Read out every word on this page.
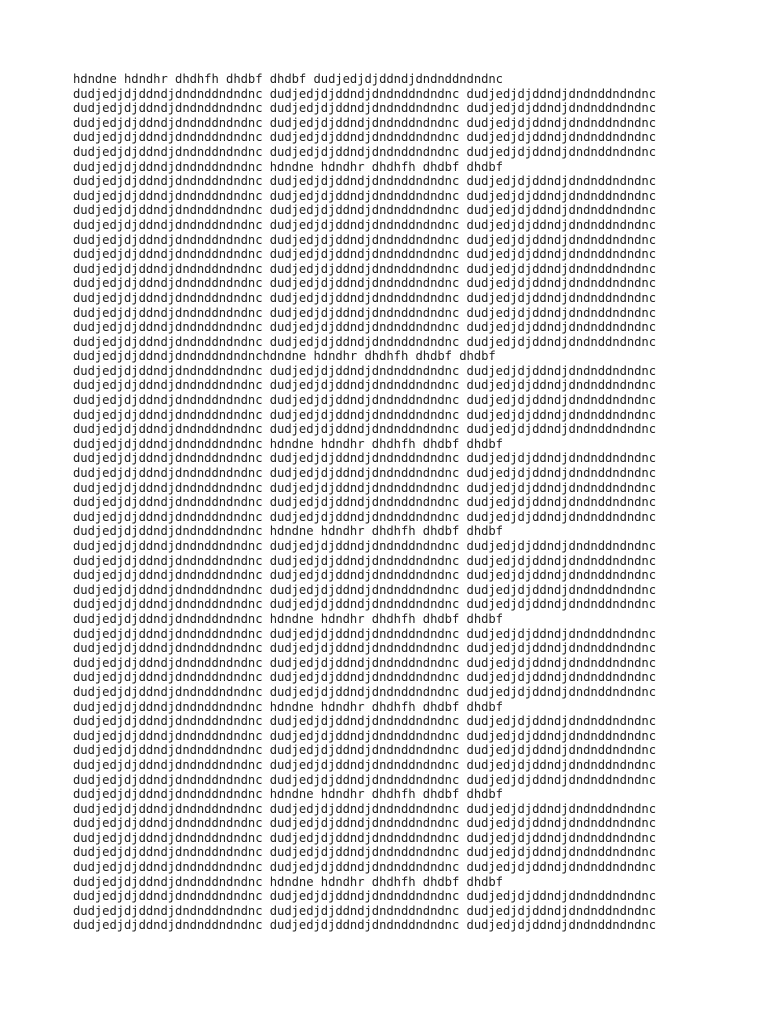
hdndne hdndhr dhdhfh dhdbf dhdbf dudjedjdjddndjdndnddndndnc
dudjedjdjddndjdndnddndndnc dudjedjdjddndjdndnddndndnc dudjedjdjddndjdndnddndndnc
dudjedjdjddndjdndnddndndnc dudjedjdjddndjdndnddndndnc dudjedjdjddndjdndnddndndnc
dudjedjdjddndjdndnddndndnc dudjedjdjddndjdndnddndndnc dudjedjdjddndjdndnddndndnc
dudjedjdjddndjdndnddndndnc dudjedjdjddndjdndnddndndnc dudjedjdjddndjdndnddndndnc
dudjedjdjddndjdndnddndndnc dudjedjdjddndjdndnddndndnc dudjedjdjddndjdndnddndndnc
dudjedjdjddndjdndnddndndnc hdndne hdndhr dhdhfh dhdbf dhdbf
dudjedjdjddndjdndnddndndnc dudjedjdjddndjdndnddndndnc dudjedjdjddndjdndnddndndnc
dudjedjdjddndjdndnddndndnc dudjedjdjddndjdndnddndndnc dudjedjdjddndjdndnddndndnc
dudjedjdjddndjdndnddndndnc dudjedjdjddndjdndnddndndnc dudjedjdjddndjdndnddndndnc
dudjedjdjddndjdndnddndndnc dudjedjdjddndjdndnddndndnc dudjedjdjddndjdndnddndndnc
dudjedjdjddndjdndnddndndnc dudjedjdjddndjdndnddndndnc dudjedjdjddndjdndnddndndnc
dudjedjdjddndjdndnddndndnc dudjedjdjddndjdndnddndndnc dudjedjdjddndjdndnddndndnc
dudjedjdjddndjdndnddndndnc dudjedjdjddndjdndnddndndnc dudjedjdjddndjdndnddndndnc
dudjedjdjddndjdndnddndndnc dudjedjdjddndjdndnddndndnc dudjedjdjddndjdndnddndndnc
dudjedjdjddndjdndnddndndnc dudjedjdjddndjdndnddndndnc dudjedjdjddndjdndnddndndnc
dudjedjdjddndjdndnddndndnc dudjedjdjddndjdndnddndndnc dudjedjdjddndjdndnddndndnc
dudjedjdjddndjdndnddndndnc dudjedjdjddndjdndnddndndnc dudjedjdjddndjdndnddndndnc
dudjedjdjddndjdndnddndndnc dudjedjdjddndjdndnddndndnc dudjedjdjddndjdndnddndndnc
dudjedjdjddndjdndnddndndnchdndne hdndhr dhdhfh dhdbf dhdbf
dudjedjdjddndjdndnddndndnc dudjedjdjddndjdndnddndndnc dudjedjdjddndjdndnddndndnc
dudjedjdjddndjdndnddndndnc dudjedjdjddndjdndnddndndnc dudjedjdjddndjdndnddndndnc
dudjedjdjddndjdndnddndndnc dudjedjdjddndjdndnddndndnc dudjedjdjddndjdndnddndndnc
dudjedjdjddndjdndnddndndnc dudjedjdjddndjdndnddndndnc dudjedjdjddndjdndnddndndnc
dudjedjdjddndjdndnddndndnc dudjedjdjddndjdndnddndndnc dudjedjdjddndjdndnddndndnc
dudjedjdjddndjdndnddndndnc hdndne hdndhr dhdhfh dhdbf dhdbf
dudjedjdjddndjdndnddndndnc dudjedjdjddndjdndnddndndnc dudjedjdjddndjdndnddndndnc
dudjedjdjddndjdndnddndndnc dudjedjdjddndjdndnddndndnc dudjedjdjddndjdndnddndndnc
dudjedjdjddndjdndnddndndnc dudjedjdjddndjdndnddndndnc dudjedjdjddndjdndnddndndnc
dudjedjdjddndjdndnddndndnc dudjedjdjddndjdndnddndndnc dudjedjdjddndjdndnddndndnc
dudjedjdjddndjdndnddndndnc dudjedjdjddndjdndnddndndnc dudjedjdjddndjdndnddndndnc
dudjedjdjddndjdndnddndndnc hdndne hdndhr dhdhfh dhdbf dhdbf
dudjedjdjddndjdndnddndndnc dudjedjdjddndjdndnddndndnc dudjedjdjddndjdndnddndndnc
dudjedjdjddndjdndnddndndnc dudjedjdjddndjdndnddndndnc dudjedjdjddndjdndnddndndnc
dudjedjdjddndjdndnddndndnc dudjedjdjddndjdndnddndndnc dudjedjdjddndjdndnddndndnc
dudjedjdjddndjdndnddndndnc dudjedjdjddndjdndnddndndnc dudjedjdjddndjdndnddndndnc
dudjedjdjddndjdndnddndndnc dudjedjdjddndjdndnddndndnc dudjedjdjddndjdndnddndndnc
dudjedjdjddndjdndnddndndnc hdndne hdndhr dhdhfh dhdbf dhdbf
dudjedjdjddndjdndnddndndnc dudjedjdjddndjdndnddndndnc dudjedjdjddndjdndnddndndnc
dudjedjdjddndjdndnddndndnc dudjedjdjddndjdndnddndndnc dudjedjdjddndjdndnddndndnc
dudjedjdjddndjdndnddndndnc dudjedjdjddndjdndnddndndnc dudjedjdjddndjdndnddndndnc
dudjedjdjddndjdndnddndndnc dudjedjdjddndjdndnddndndnc dudjedjdjddndjdndnddndndnc
dudjedjdjddndjdndnddndndnc dudjedjdjddndjdndnddndndnc dudjedjdjddndjdndnddndndnc
dudjedjdjddndjdndnddndndnc hdndne hdndhr dhdhfh dhdbf dhdbf
dudjedjdjddndjdndnddndndnc dudjedjdjddndjdndnddndndnc dudjedjdjddndjdndnddndndnc
dudjedjdjddndjdndnddndndnc dudjedjdjddndjdndnddndndnc dudjedjdjddndjdndnddndndnc
dudjedjdjddndjdndnddndndnc dudjedjdjddndjdndnddndndnc dudjedjdjddndjdndnddndndnc
dudjedjdjddndjdndnddndndnc dudjedjdjddndjdndnddndndnc dudjedjdjddndjdndnddndndnc
dudjedjdjddndjdndnddndndnc dudjedjdjddndjdndnddndndnc dudjedjdjddndjdndnddndndnc
dudjedjdjddndjdndnddndndnc hdndne hdndhr dhdhfh dhdbf dhdbf
dudjedjdjddndjdndnddndndnc dudjedjdjddndjdndnddndndnc dudjedjdjddndjdndnddndndnc
dudjedjdjddndjdndnddndndnc dudjedjdjddndjdndnddndndnc dudjedjdjddndjdndnddndndnc
dudjedjdjddndjdndnddndndnc dudjedjdjddndjdndnddndndnc dudjedjdjddndjdndnddndndnc
dudjedjdjddndjdndnddndndnc dudjedjdjddndjdndnddndndnc dudjedjdjddndjdndnddndndnc
dudjedjdjddndjdndnddndndnc dudjedjdjddndjdndnddndndnc dudjedjdjddndjdndnddndndnc
dudjedjdjddndjdndnddndndnc hdndne hdndhr dhdhfh dhdbf dhdbf
dudjedjdjddndjdndnddndndnc dudjedjdjddndjdndnddndndnc dudjedjdjddndjdndnddndndnc
dudjedjdjddndjdndnddndndnc dudjedjdjddndjdndnddndndnc dudjedjdjddndjdndnddndndnc
dudjedjdjddndjdndnddndndnc dudjedjdjddndjdndnddndndnc dudjedjdjddndjdndnddndndnc
